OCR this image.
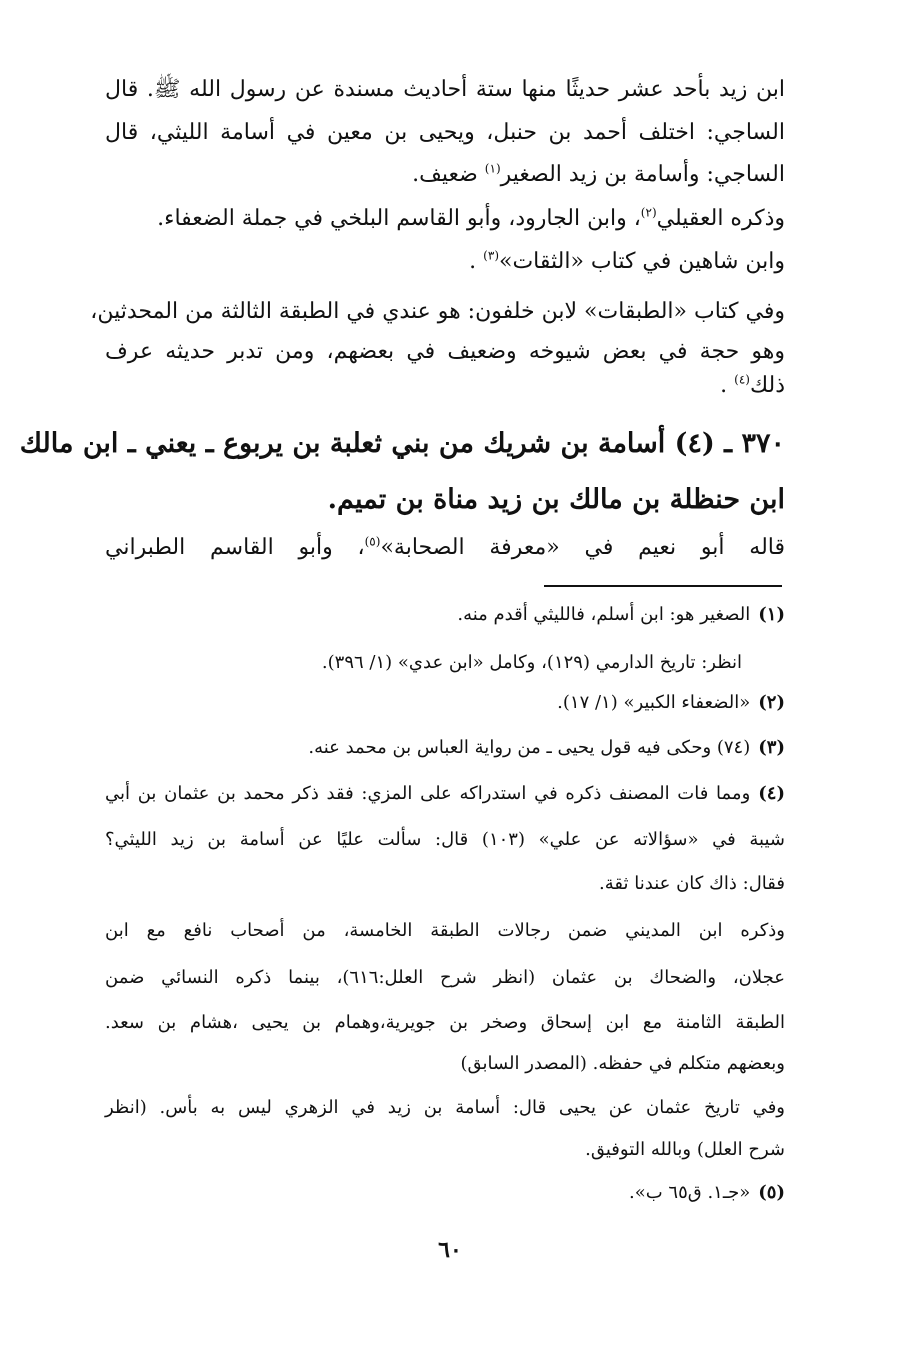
ابن زيد بأحد عشر حديثًا منها ستة أحاديث مسندة عن رسول الله ﷺ. قال
الساجي: اختلف أحمد بن حنبل، ويحيى بن معين في أسامة الليثي، قال
الساجي: وأسامة بن زيد الصغير$^{(١)}$ ضعيف.
وذكره العقيلي$^{(٢)}$، وابن الجارود، وأبو القاسم البلخي في جملة الضعفاء.
وابن شاهين في كتاب «الثقات»$^{(٣)}$ .
وفي كتاب «الطبقات» لابن خلفون: هو عندي في الطبقة الثالثة من المحدثين،
وهو حجة في بعض شيوخه وضعيف في بعضهم، ومن تدبر حديثه عرف
ذلك$^{(٤)}$ .
٣٧٠ ـ (٤) أسامة بن شريك من بني ثعلبة بن يربوع ـ يعني ـ ابن مالك
ابن حنظلة بن مالك بن زيد مناة بن تميم.
قاله أبو نعيم في «معرفة الصحابة»$^{(٥)}$، وأبو القاسم الطبراني
(١)الصغير هو: ابن أسلم، فالليثي أقدم منه.
انظر: تاريخ الدارمي (١٢٩)، وكامل «ابن عدي» (١/ ٣٩٦).
(٢)«الضعفاء الكبير» (١/ ١٧).
(٣)(٧٤) وحكى فيه قول يحيى ـ من رواية العباس بن محمد عنه.
(٤)ومما فات المصنف ذكره في استدراكه على المزي: فقد ذكر محمد بن عثمان بن أبي
شيبة في «سؤالاته عن علي» (١٠٣) قال: سألت عليًا عن أسامة بن زيد الليثي؟
فقال: ذاك كان عندنا ثقة.
وذكره ابن المديني ضمن رجالات الطبقة الخامسة، من أصحاب نافع مع ابن
عجلان، والضحاك بن عثمان (انظر شرح العلل:٦١٦)، بينما ذكره النسائي ضمن
الطبقة الثامنة مع ابن إسحاق وصخر بن جويرية،وهمام بن يحيى ،هشام بن سعد.
وبعضهم متكلم في حفظه. (المصدر السابق)
وفي تاريخ عثمان عن يحيى قال: أسامة بن زيد في الزهري ليس به بأس. (انظر
شرح العلل) وبالله التوفيق.
(٥)«جـ١. ق٦٥ ب».
٦٠
